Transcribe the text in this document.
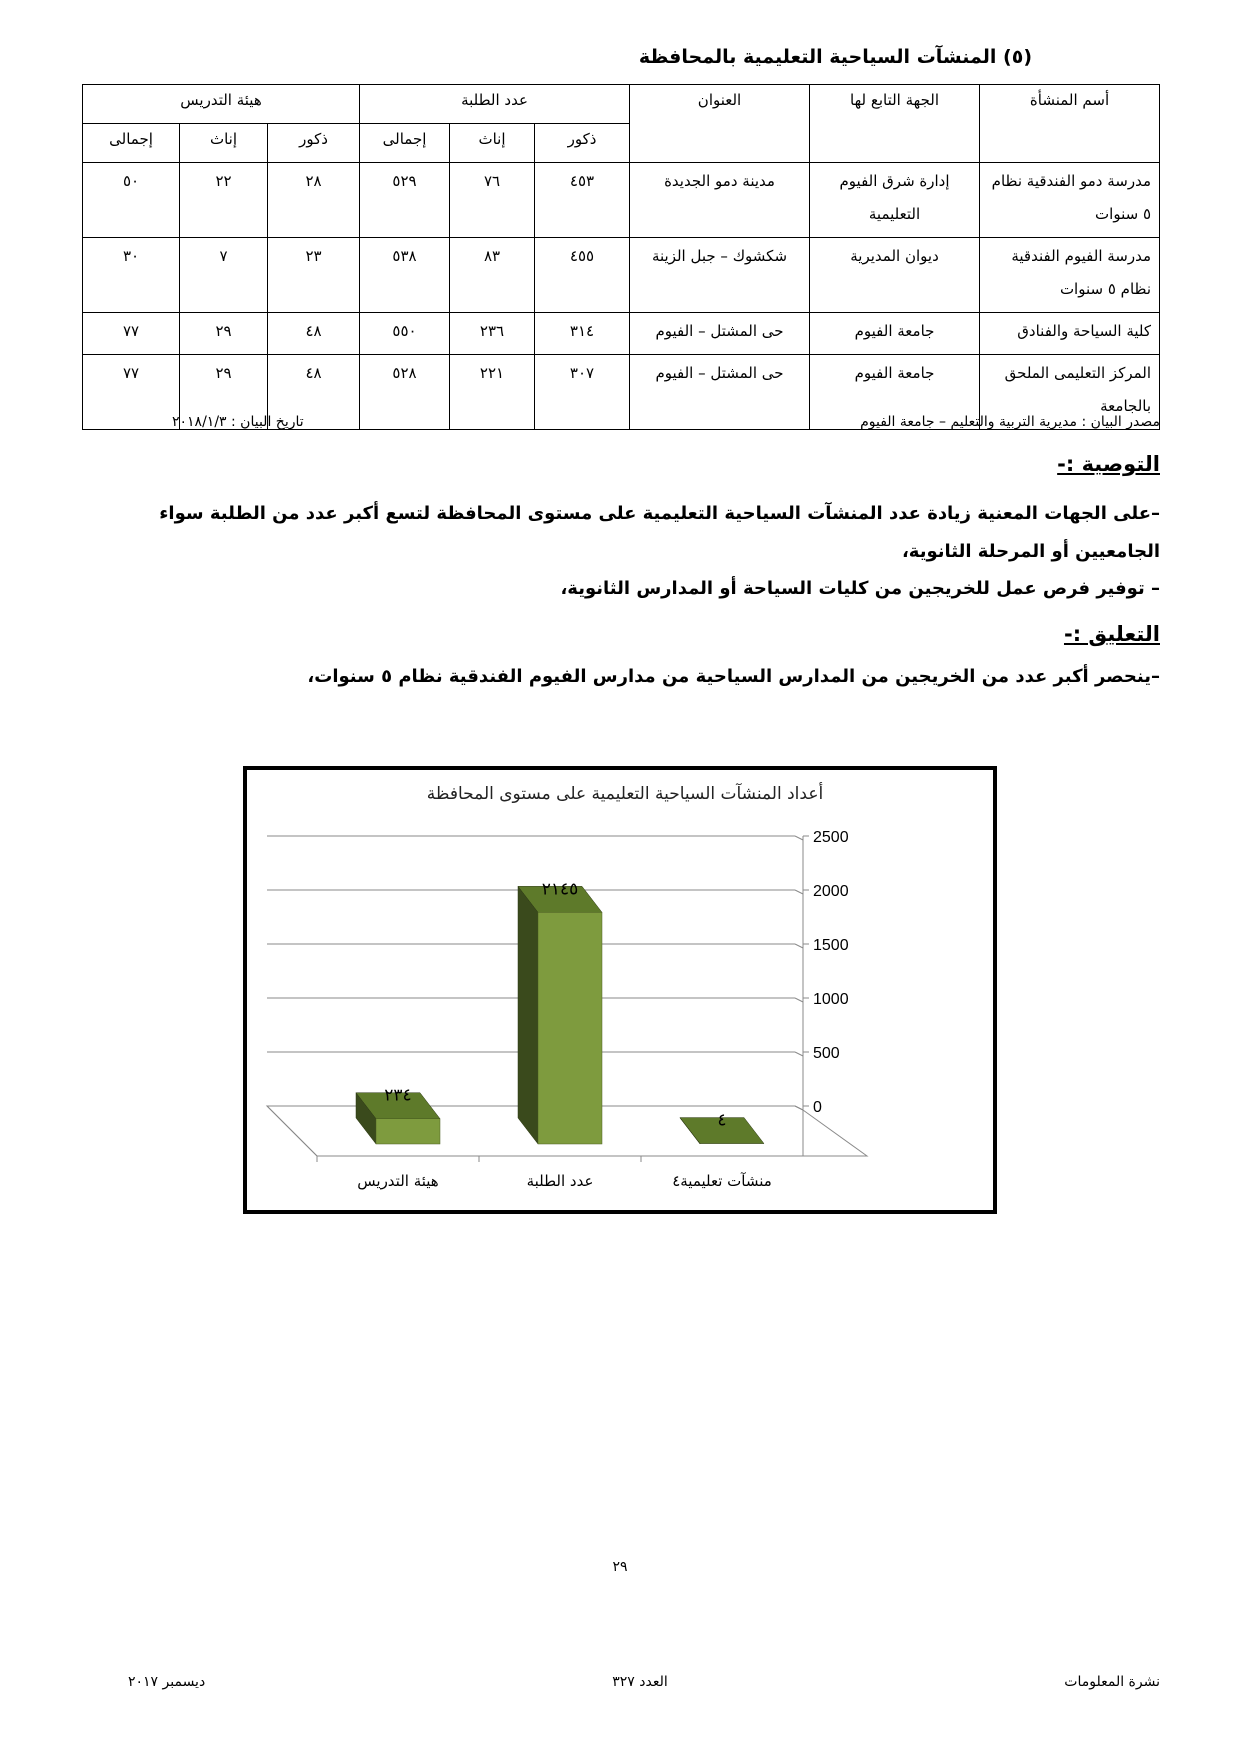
(٥) المنشآت السياحية التعليمية بالمحافظة
أسم المنشأة	الجهة التابع لها	العنوان	عدد الطلبة			هيئة التدريس		
			ذكور	إناث	إجمالى	ذكور	إناث	إجمالى
مدرسة دمو الفندقية نظام ٥ سنوات	إدارة شرق الفيوم التعليمية	مدينة دمو الجديدة	٤٥٣	٧٦	٥٢٩	٢٨	٢٢	٥٠
مدرسة الفيوم الفندقية نظام ٥ سنوات	ديوان المديرية	شكشوك – جبل الزينة	٤٥٥	٨٣	٥٣٨	٢٣	٧	٣٠
كلية السياحة والفنادق	جامعة الفيوم	حى المشتل – الفيوم	٣١٤	٢٣٦	٥٥٠	٤٨	٢٩	٧٧
المركز التعليمى الملحق بالجامعة	جامعة الفيوم	حى المشتل – الفيوم	٣٠٧	٢٢١	٥٢٨	٤٨	٢٩	٧٧
مصدر البيان : مديرية التربية والتعليم – جامعة الفيوم
تاريخ البيان : ٢٠١٨/١/٣
التوصية :-
–على الجهات المعنية زيادة عدد المنشآت السياحية التعليمية على مستوى المحافظة لتسع أكبر عدد من الطلبة سواء الجامعيين أو المرحلة الثانوية،
– توفير فرص عمل للخريجين من كليات السياحة أو المدارس الثانوية،
التعليق :-
–ينحصر أكبر عدد من الخريجين من المدارس السياحية من مدارس الفيوم الفندقية نظام ٥ سنوات،
أعداد المنشآت السياحية التعليمية على مستوى المحافظة
0
500
1000
1500
2000
2500
منشآت تعليمية٤
٤
عدد الطلبة
٢١٤٥
هيئة التدريس
٢٣٤
٢٩
نشرة المعلومات
العدد ٣٢٧
ديسمبر ٢٠١٧
